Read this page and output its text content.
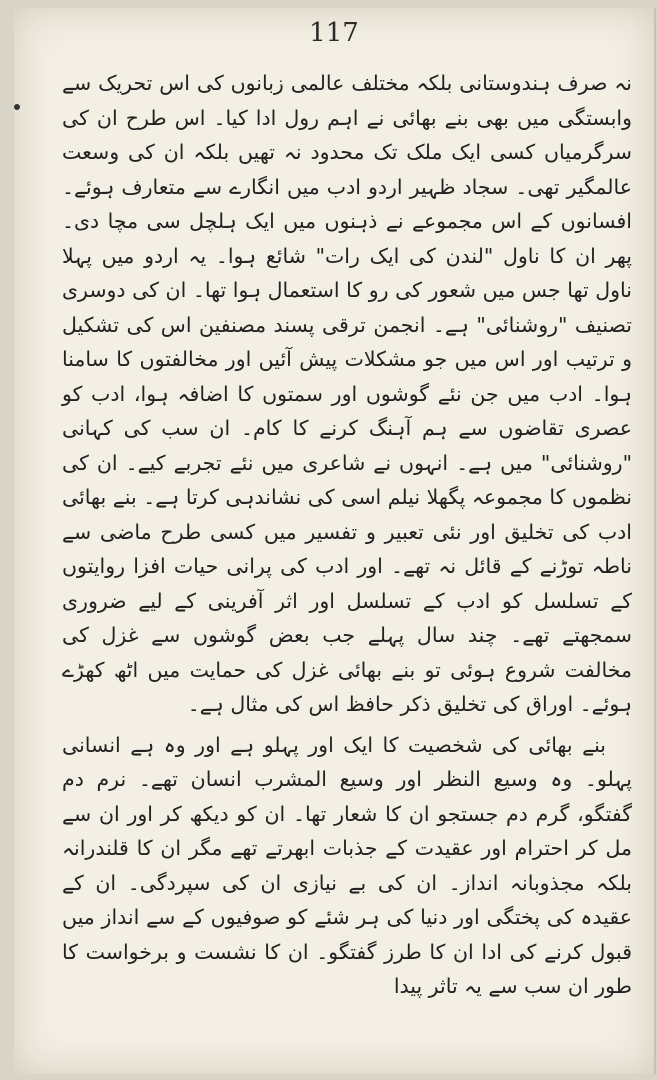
117

نہ صرف ہندوستانی بلکہ مختلف عالمی زبانوں کی اس تحریک سے وابستگی میں بھی بنے بھائی نے اہم رول ادا کیا۔ اس طرح ان کی سرگرمیاں کسی ایک ملک تک محدود نہ تھیں بلکہ ان کی وسعت عالمگیر تھی۔ سجاد ظہیر اردو ادب میں انگارے سے متعارف ہوئے۔ افسانوں کے اس مجموعے نے ذہنوں میں ایک ہلچل سی مچا دی۔ پھر ان کا ناول "لندن کی ایک رات" شائع ہوا۔ یہ اردو میں پہلا ناول تھا جس میں شعور کی رو کا استعمال ہوا تھا۔ ان کی دوسری تصنیف "روشنائی" ہے۔ انجمن ترقی پسند مصنفین اس کی تشکیل و ترتیب اور اس میں جو مشکلات پیش آئیں اور مخالفتوں کا سامنا ہوا۔ ادب میں جن نئے گوشوں اور سمتوں کا اضافہ ہوا، ادب کو عصری تقاضوں سے ہم آہنگ کرنے کا کام۔ ان سب کی کہانی "روشنائی" میں ہے۔ انہوں نے شاعری میں نئے تجربے کیے۔ ان کی نظموں کا مجموعہ پگھلا نیلم اسی کی نشاندہی کرتا ہے۔ بنے بھائی ادب کی تخلیق اور نئی تعبیر و تفسیر میں کسی طرح ماضی سے ناطہ توڑنے کے قائل نہ تھے۔ اور ادب کی پرانی حیات افزا روایتوں کے تسلسل کو ادب کے تسلسل اور اثر آفرینی کے لیے ضروری سمجھتے تھے۔ چند سال پہلے جب بعض گوشوں سے غزل کی مخالفت شروع ہوئی تو بنے بھائی غزل کی حمایت میں اٹھ کھڑے ہوئے۔ اوراق کی تخلیق ذکر حافظ اس کی مثال ہے۔

بنے بھائی کی شخصیت کا ایک اور پہلو ہے اور وہ ہے انسانی پہلو۔ وہ وسیع النظر اور وسیع المشرب انسان تھے۔ نرم دم گفتگو، گرم دم جستجو ان کا شعار تھا۔ ان کو دیکھ کر اور ان سے مل کر احترام اور عقیدت کے جذبات ابھرتے تھے مگر ان کا قلندرانہ بلکہ مجذوبانہ انداز۔ ان کی بے نیازی ان کی سپردگی۔ ان کے عقیدہ کی پختگی اور دنیا کی ہر شئے کو صوفیوں کے سے انداز میں قبول کرنے کی ادا ان کا طرز گفتگو۔ ان کا نشست و برخواست کا طور ان سب سے یہ تاثر پیدا
